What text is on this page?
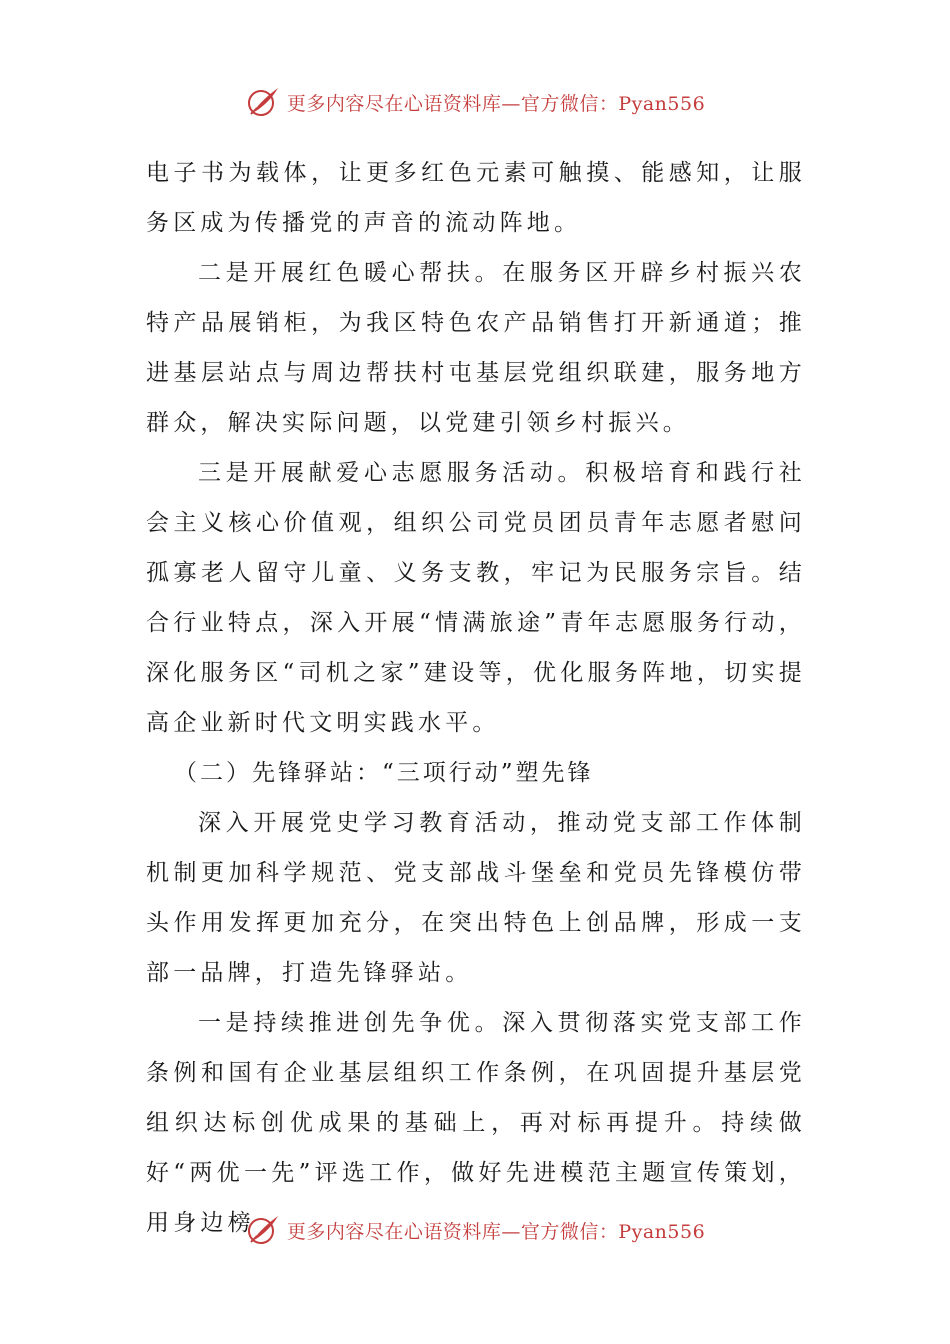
更多内容尽在心语资料库—官方微信：Pyan556

电子书为载体，让更多红色元素可触摸、能感知，让服务区成为传播党的声音的流动阵地。

二是开展红色暖心帮扶。在服务区开辟乡村振兴农特产品展销柜，为我区特色农产品销售打开新通道；推进基层站点与周边帮扶村屯基层党组织联建，服务地方群众，解决实际问题，以党建引领乡村振兴。

三是开展献爱心志愿服务活动。积极培育和践行社会主义核心价值观，组织公司党员团员青年志愿者慰问孤寡老人留守儿童、义务支教，牢记为民服务宗旨。结合行业特点，深入开展“情满旅途”青年志愿服务行动，深化服务区“司机之家”建设等，优化服务阵地，切实提高企业新时代文明实践水平。

（二）先锋驿站：“三项行动”塑先锋

深入开展党史学习教育活动，推动党支部工作体制机制更加科学规范、党支部战斗堡垒和党员先锋模仿带头作用发挥更加充分，在突出特色上创品牌，形成一支部一品牌，打造先锋驿站。

一是持续推进创先争优。深入贯彻落实党支部工作条例和国有企业基层组织工作条例，在巩固提升基层党组织达标创优成果的基础上，再对标再提升。持续做好“两优一先”评选工作，做好先进模范主题宣传策划，用身边榜	更多内容尽在心语资料库—官方微信：Pyan556
